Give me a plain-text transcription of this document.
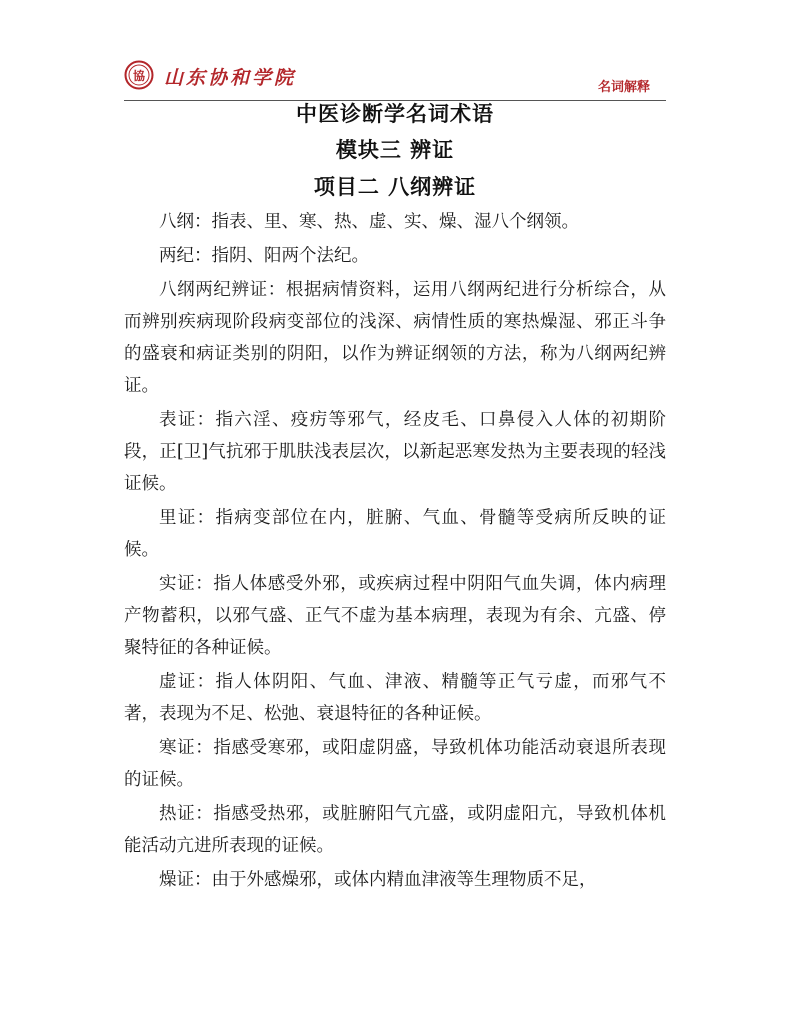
協 山东协和学院	名词解释
中医诊断学名词术语
模块三 辨证
项目二 八纲辨证

八纲：指表、里、寒、热、虚、实、燥、湿八个纲领。

两纪：指阴、阳两个法纪。

八纲两纪辨证：根据病情资料，运用八纲两纪进行分析综合，从而辨别疾病现阶段病变部位的浅深、病情性质的寒热燥湿、邪正斗争的盛衰和病证类别的阴阳，以作为辨证纲领的方法，称为八纲两纪辨证。

表证：指六淫、疫疠等邪气，经皮毛、口鼻侵入人体的初期阶段，正[卫]气抗邪于肌肤浅表层次，以新起恶寒发热为主要表现的轻浅证候。

里证：指病变部位在内，脏腑、气血、骨髓等受病所反映的证候。

实证：指人体感受外邪，或疾病过程中阴阳气血失调，体内病理产物蓄积，以邪气盛、正气不虚为基本病理，表现为有余、亢盛、停聚特征的各种证候。

虚证：指人体阴阳、气血、津液、精髓等正气亏虚，而邪气不著，表现为不足、松弛、衰退特征的各种证候。

寒证：指感受寒邪，或阳虚阴盛，导致机体功能活动衰退所表现的证候。

热证：指感受热邪，或脏腑阳气亢盛，或阴虚阳亢，导致机体机能活动亢进所表现的证候。

燥证：由于外感燥邪，或体内精血津液等生理物质不足，
